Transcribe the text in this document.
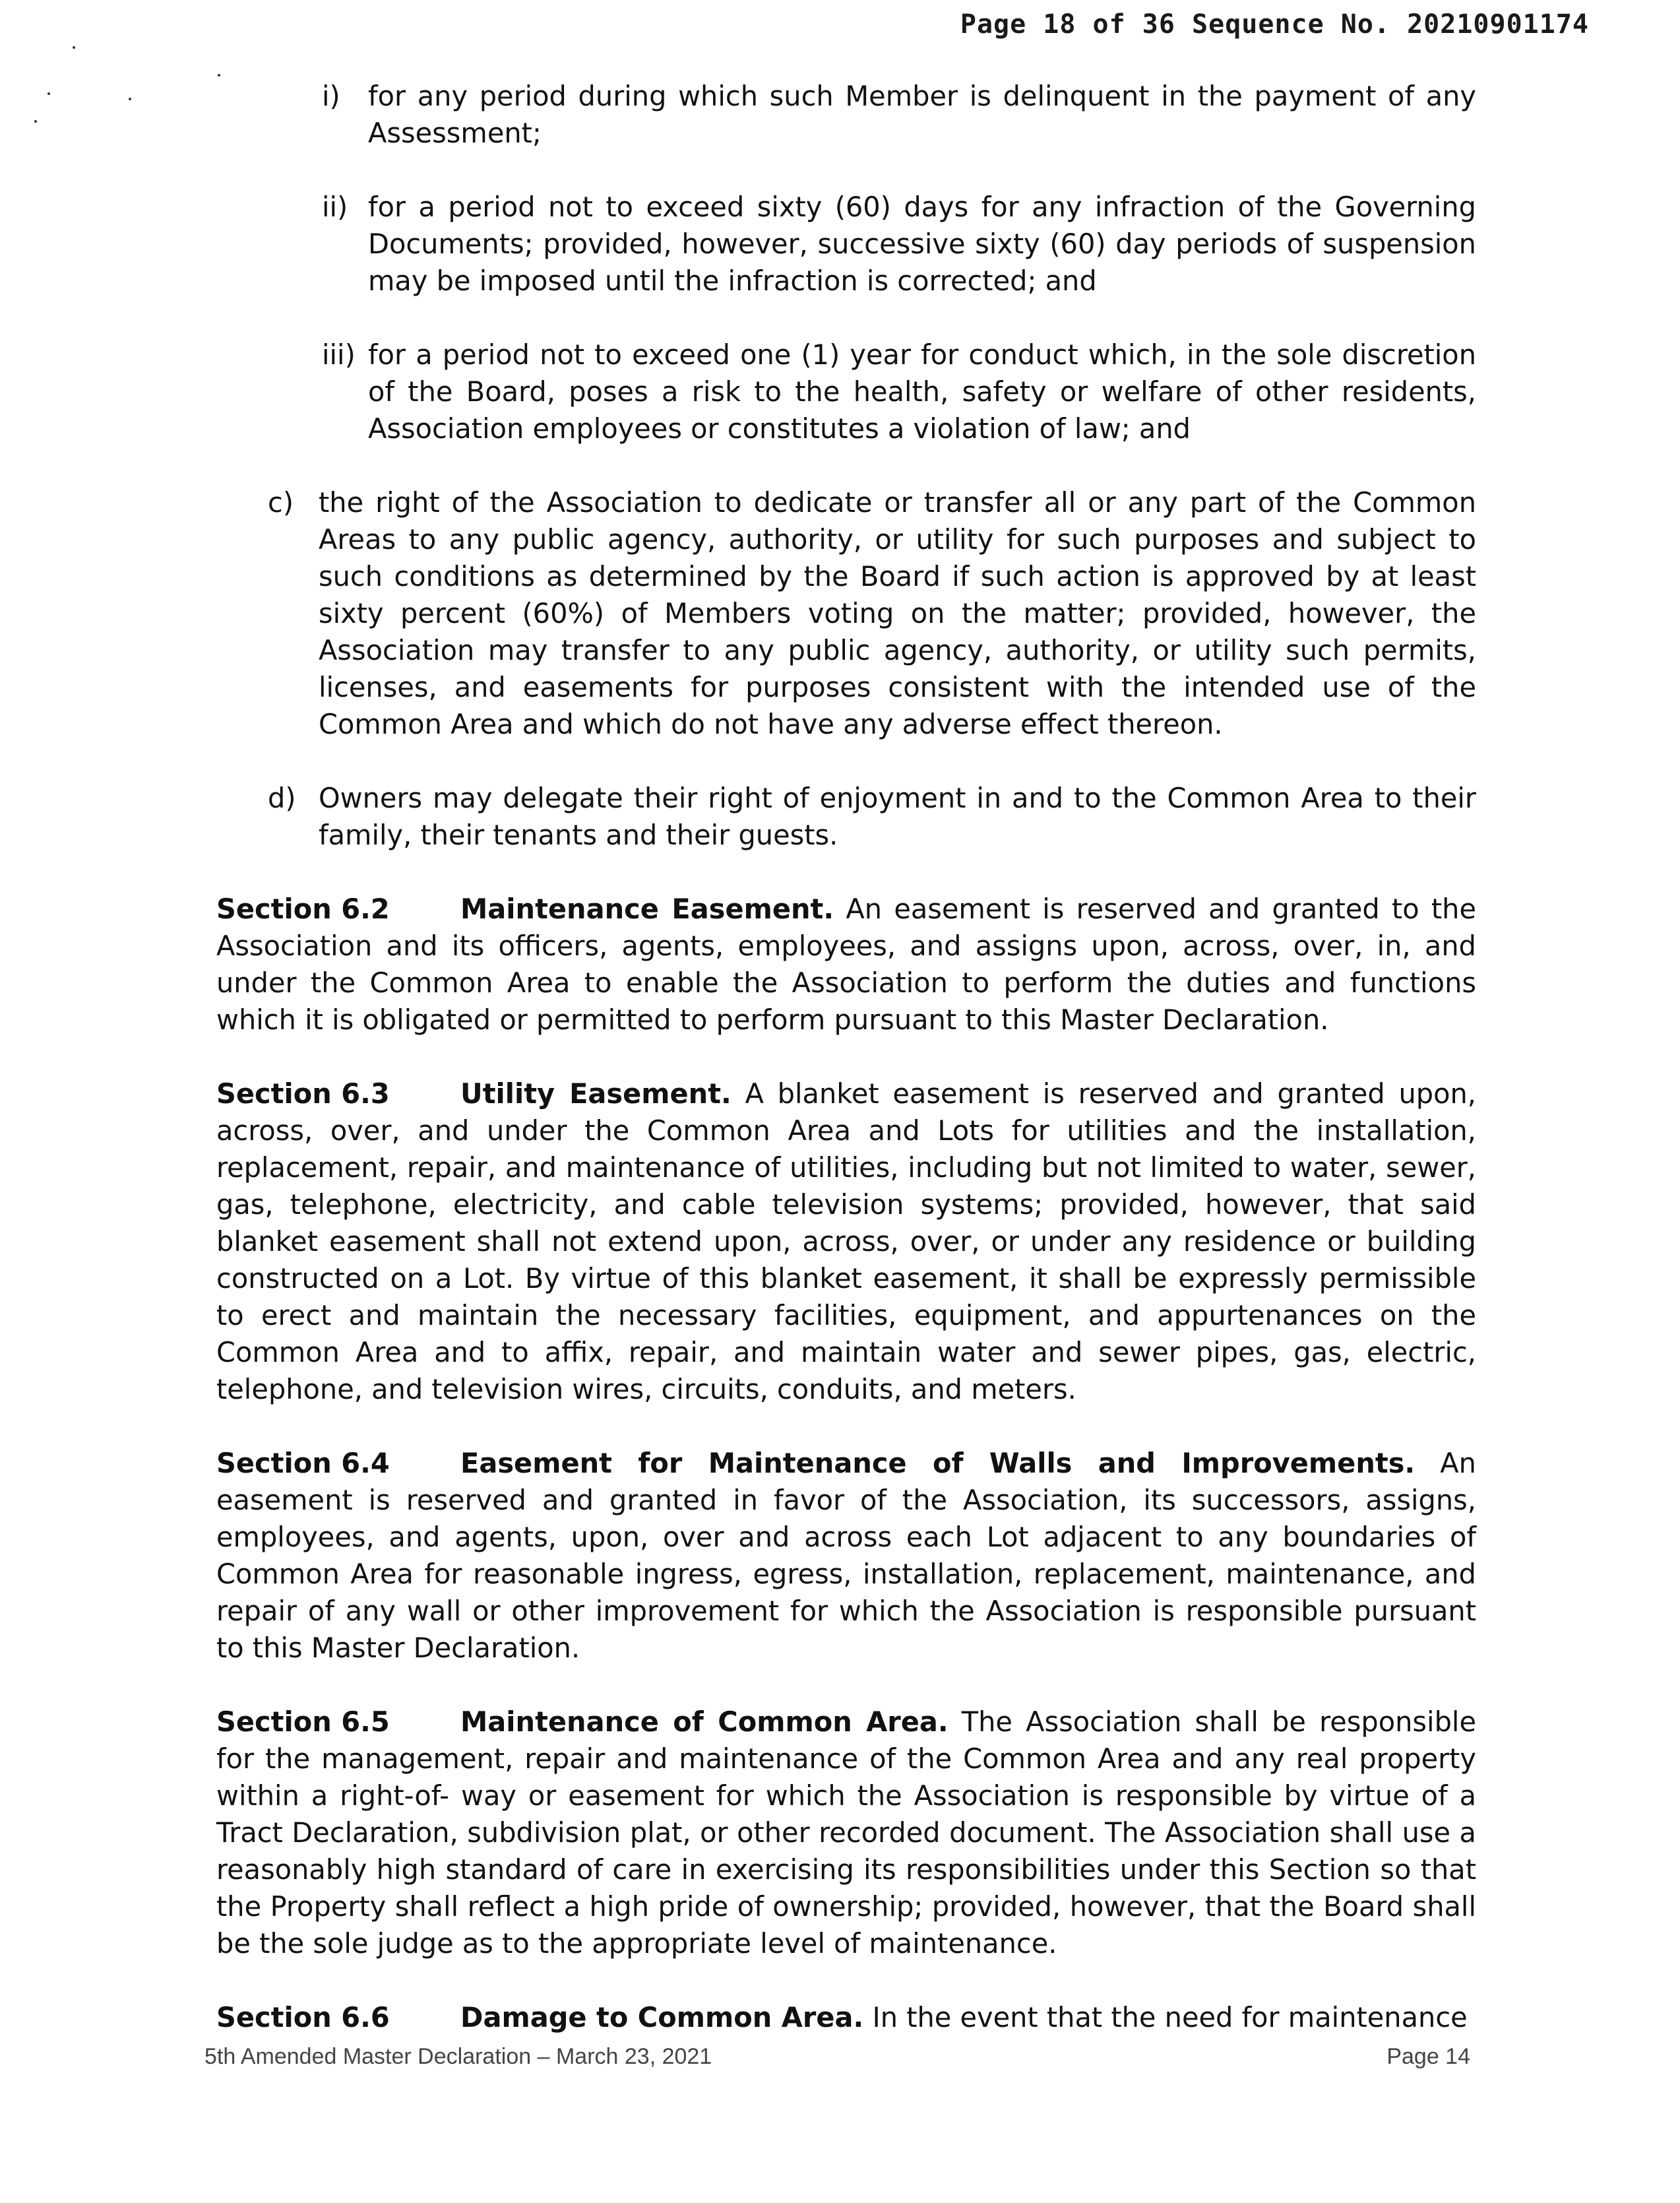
Page 18 of 36 Sequence No. 20210901174
i) for any period during which such Member is delinquent in the payment of any Assessment;
ii) for a period not to exceed sixty (60) days for any infraction of the Governing Documents; provided, however, successive sixty (60) day periods of suspension may be imposed until the infraction is corrected; and
iii) for a period not to exceed one (1) year for conduct which, in the sole discretion of the Board, poses a risk to the health, safety or welfare of other residents, Association employees or constitutes a violation of law; and
c) the right of the Association to dedicate or transfer all or any part of the Common Areas to any public agency, authority, or utility for such purposes and subject to such conditions as determined by the Board if such action is approved by at least sixty percent (60%) of Members voting on the matter; provided, however, the Association may transfer to any public agency, authority, or utility such permits, licenses, and easements for purposes consistent with the intended use of the Common Area and which do not have any adverse effect thereon.
d) Owners may delegate their right of enjoyment in and to the Common Area to their family, their tenants and their guests.

Section 6.2	Maintenance Easement. An easement is reserved and granted to the Association and its officers, agents, employees, and assigns upon, across, over, in, and under the Common Area to enable the Association to perform the duties and functions which it is obligated or permitted to perform pursuant to this Master Declaration.

Section 6.3	Utility Easement. A blanket easement is reserved and granted upon, across, over, and under the Common Area and Lots for utilities and the installation, replacement, repair, and maintenance of utilities, including but not limited to water, sewer, gas, telephone, electricity, and cable television systems; provided, however, that said blanket easement shall not extend upon, across, over, or under any residence or building constructed on a Lot. By virtue of this blanket easement, it shall be expressly permissible to erect and maintain the necessary facilities, equipment, and appurtenances on the Common Area and to affix, repair, and maintain water and sewer pipes, gas, electric, telephone, and television wires, circuits, conduits, and meters.

Section 6.4	Easement for Maintenance of Walls and Improvements. An easement is reserved and granted in favor of the Association, its successors, assigns, employees, and agents, upon, over and across each Lot adjacent to any boundaries of Common Area for reasonable ingress, egress, installation, replacement, maintenance, and repair of any wall or other improvement for which the Association is responsible pursuant to this Master Declaration.

Section 6.5	Maintenance of Common Area. The Association shall be responsible for the management, repair and maintenance of the Common Area and any real property within a right-of- way or easement for which the Association is responsible by virtue of a Tract Declaration, subdivision plat, or other recorded document. The Association shall use a reasonably high standard of care in exercising its responsibilities under this Section so that the Property shall reflect a high pride of ownership; provided, however, that the Board shall be the sole judge as to the appropriate level of maintenance.

Section 6.6	Damage to Common Area. In the event that the need for maintenance

5th Amended Master Declaration – March 23, 2021	Page 14
